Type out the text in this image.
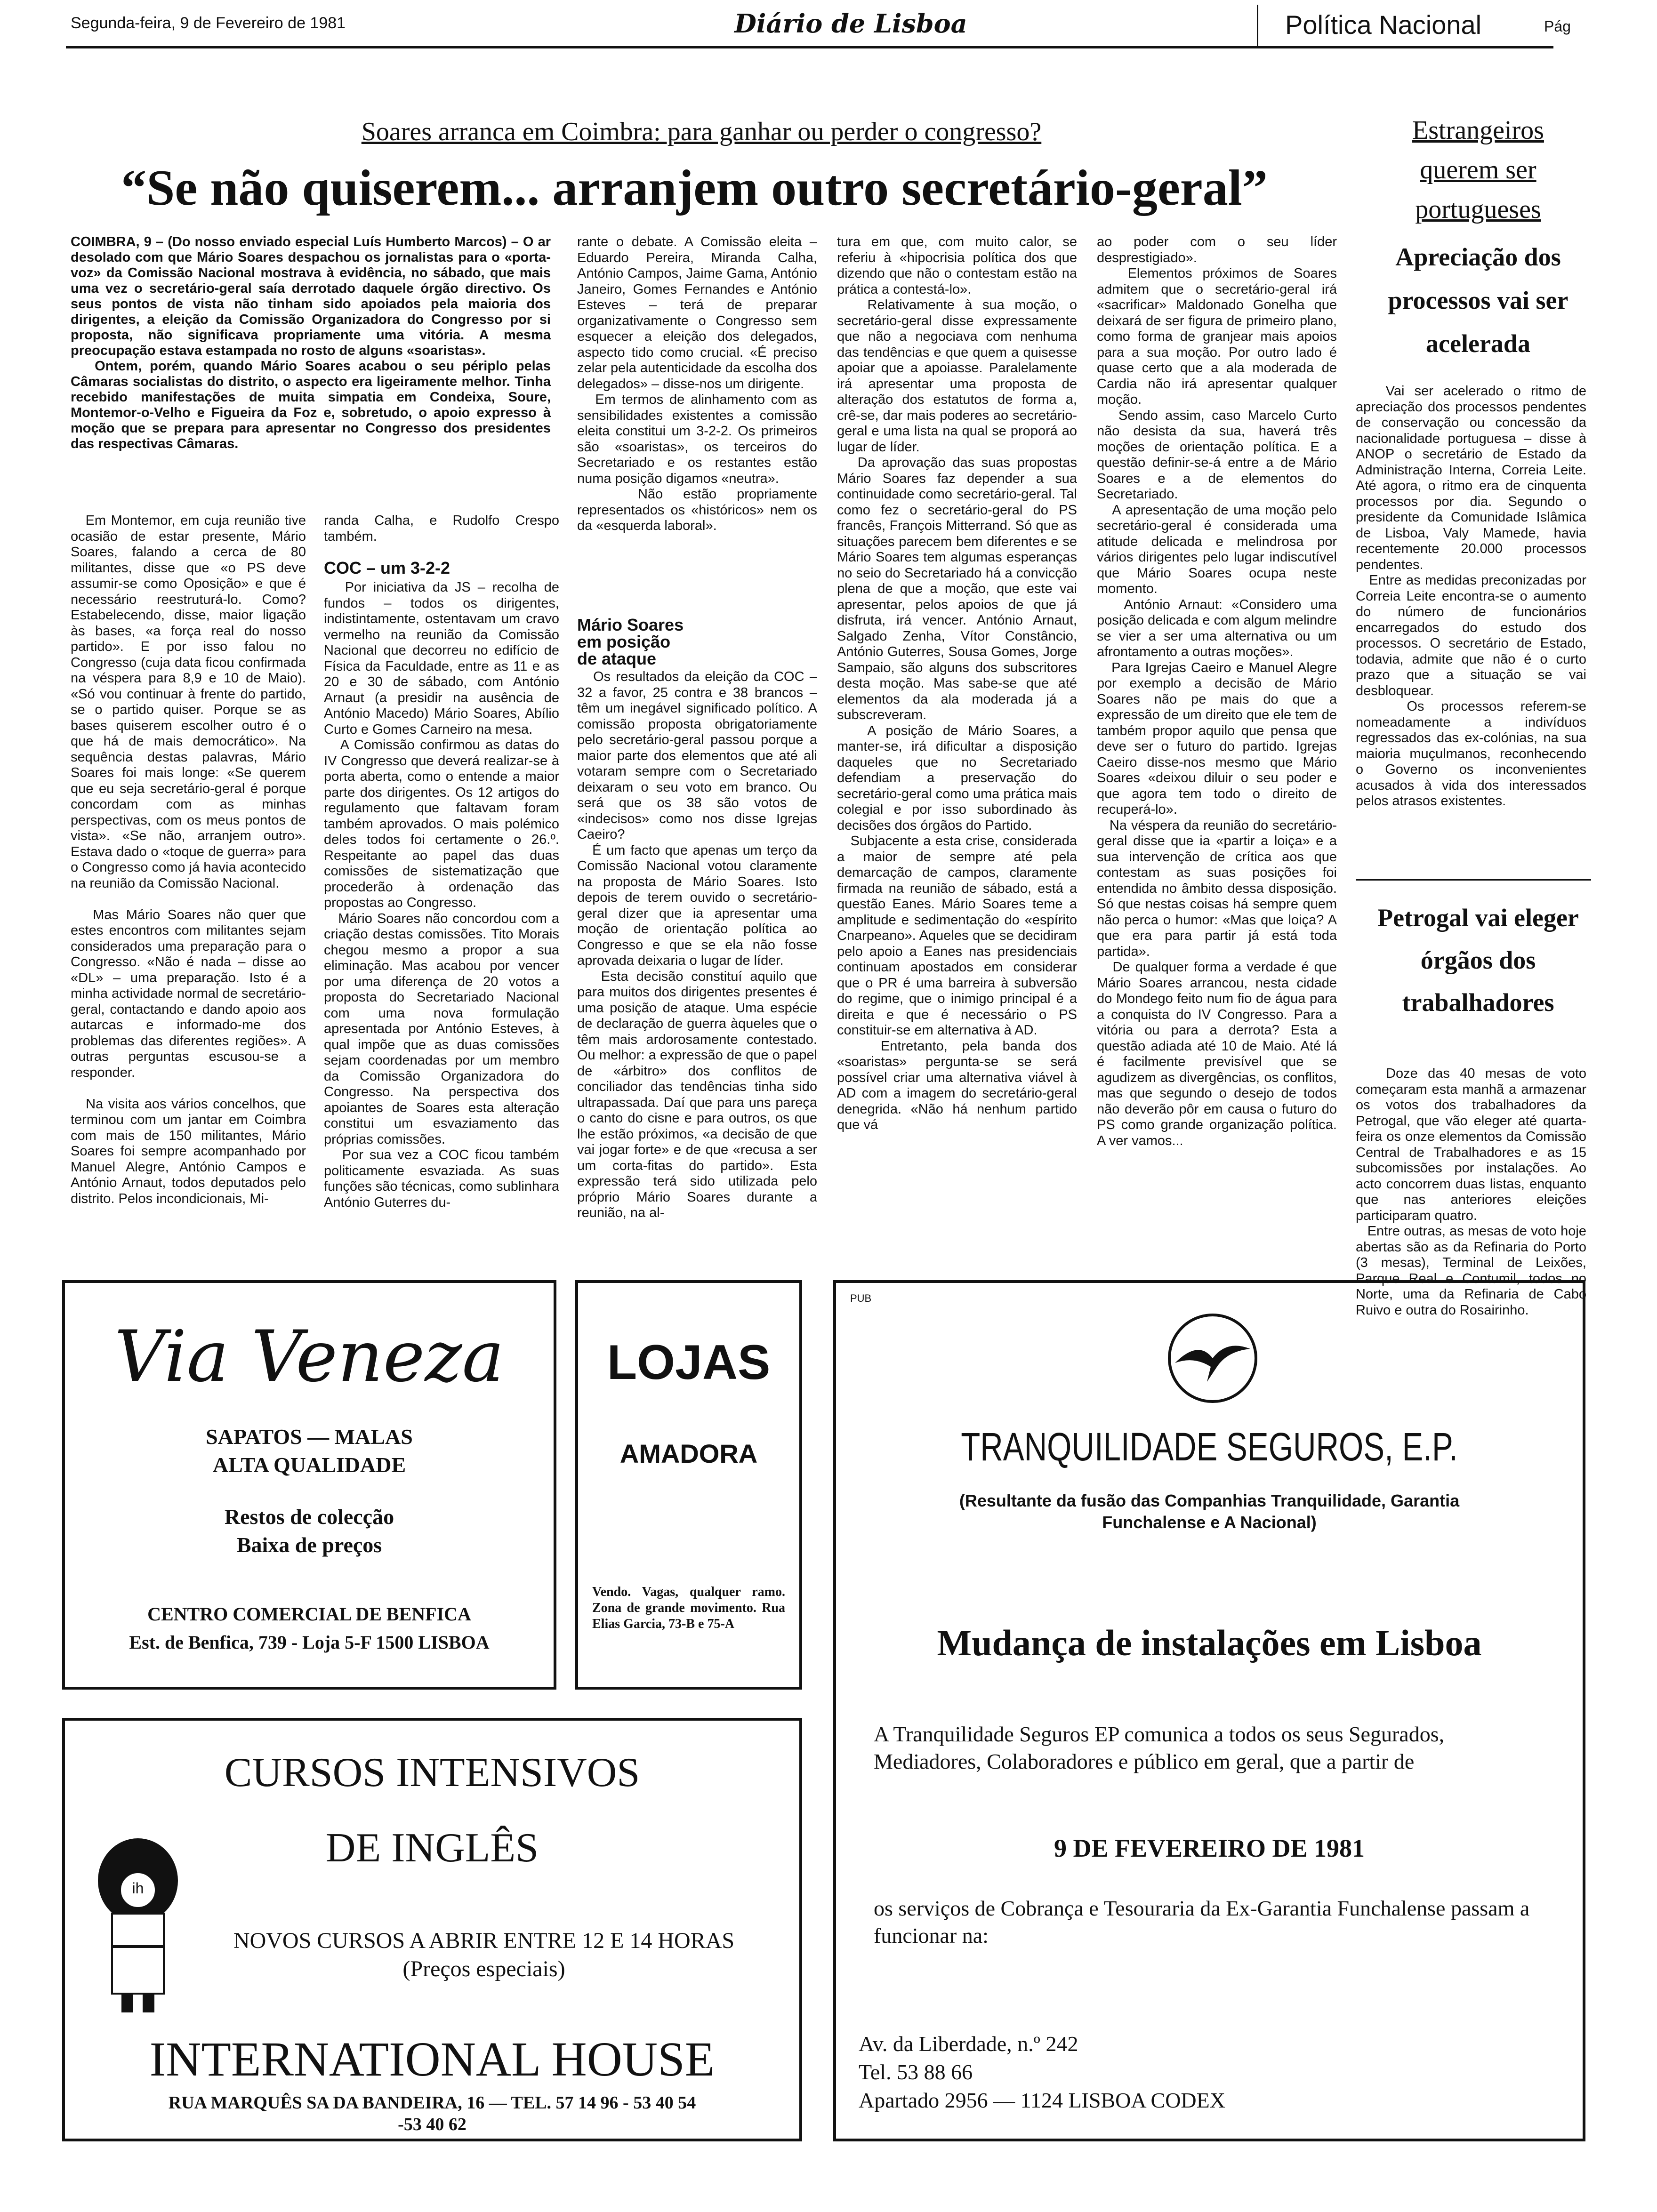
Segunda-feira, 9 de Fevereiro de 1981	Diário de Lisboa	Política Nacional	Pág
Soares arranca em Coimbra: para ganhar ou perder o congresso?
“Se não quiserem... arranjem outro secretário-geral”
COIMBRA, 9 – (Do nosso enviado especial Luís Humberto Marcos) – O ar desolado com que Mário Soares despachou os jornalistas para o «porta-voz» da Comissão Nacional mostrava à evidência, no sábado, que mais uma vez o secretário-geral saía derrotado daquele órgão directivo. Os seus pontos de vista não tinham sido apoiados pela maioria dos dirigentes, a eleição da Comissão Organizadora do Congresso por si proposta, não significava propriamente uma vitória. A mesma preocupação estava estampada no rosto de alguns «soaristas».
Ontem, porém, quando Mário Soares acabou o seu périplo pelas Câmaras socialistas do distrito, o aspecto era ligeiramente melhor. Tinha recebido manifestações de muita simpatia em Condeixa, Soure, Montemor-o-Velho e Figueira da Foz e, sobretudo, o apoio expresso à moção que se prepara para apresentar no Congresso dos presidentes das respectivas Câmaras.
Em Montemor, em cuja reunião tive ocasião de estar presente, Mário Soares, falando a cerca de 80 militantes, disse que «o PS deve assumir-se como Oposição» e que é necessário reestruturá-lo. Como? Estabelecendo, disse, maior ligação às bases, «a força real do nosso partido». E por isso falou no Congresso (cuja data ficou confirmada na véspera para 8,9 e 10 de Maio). «Só vou continuar à frente do partido, se o partido quiser. Porque se as bases quiserem escolher outro é o que há de mais democrático». Na sequência destas palavras, Mário Soares foi mais longe: «Se querem que eu seja secretário-geral é porque concordam com as minhas perspectivas, com os meus pontos de vista». «Se não, arranjem outro». Estava dado o «toque de guerra» para o Congresso como já havia acontecido na reunião da Comissão Nacional.

Mas Mário Soares não quer que estes encontros com militantes sejam considerados uma preparação para o Congresso. «Não é nada – disse ao «DL» – uma preparação. Isto é a minha actividade normal de secretário-geral, contactando e dando apoio aos autarcas e informado-me dos problemas das diferentes regiões». A outras perguntas escusou-se a responder.

Na visita aos vários concelhos, que terminou com um jantar em Coimbra com mais de 150 militantes, Mário Soares foi sempre acompanhado por Manuel Alegre, António Campos e António Arnaut, todos deputados pelo distrito. Pelos incondicionais, Mi-
randa Calha, e Rudolfo Crespo também.
COC – um 3-2-2
Por iniciativa da JS – recolha de fundos – todos os dirigentes, indistintamente, ostentavam um cravo vermelho na reunião da Comissão Nacional que decorreu no edifício de Física da Faculdade, entre as 11 e as 20 e 30 de sábado, com António Arnaut (a presidir na ausência de António Macedo) Mário Soares, Abílio Curto e Gomes Carneiro na mesa.
A Comissão confirmou as datas do IV Congresso que deverá realizar-se à porta aberta, como o entende a maior parte dos dirigentes. Os 12 artigos do regulamento que faltavam foram também aprovados. O mais polémico deles todos foi certamente o 26.º. Respeitante ao papel das duas comissões de sistematização que procederão à ordenação das propostas ao Congresso.
Mário Soares não concordou com a criação destas comissões. Tito Morais chegou mesmo a propor a sua eliminação. Mas acabou por vencer por uma diferença de 20 votos a proposta do Secretariado Nacional com uma nova formulação apresentada por António Esteves, à qual impõe que as duas comissões sejam coordenadas por um membro da Comissão Organizadora do Congresso. Na perspectiva dos apoiantes de Soares esta alteração constitui um esvaziamento das próprias comissões.
Por sua vez a COC ficou também politicamente esvaziada. As suas funções são técnicas, como sublinhara António Guterres du-
rante o debate. A Comissão eleita – Eduardo Pereira, Miranda Calha, António Campos, Jaime Gama, António Janeiro, Gomes Fernandes e António Esteves – terá de preparar organizativamente o Congresso sem esquecer a eleição dos delegados, aspecto tido como crucial. «É preciso zelar pela autenticidade da escolha dos delegados» – disse-nos um dirigente.
Em termos de alinhamento com as sensibilidades existentes a comissão eleita constitui um 3-2-2. Os primeiros são «soaristas», os terceiros do Secretariado e os restantes estão numa posição digamos «neutra».
Não estão propriamente representados os «históricos» nem os da «esquerda laboral».
Mário Soares
em posição
de ataque
Os resultados da eleição da COC – 32 a favor, 25 contra e 38 brancos – têm um inegável significado político. A comissão proposta obrigatoriamente pelo secretário-geral passou porque a maior parte dos elementos que até ali votaram sempre com o Secretariado deixaram o seu voto em branco. Ou será que os 38 são votos de «indecisos» como nos disse Igrejas Caeiro?
É um facto que apenas um terço da Comissão Nacional votou claramente na proposta de Mário Soares. Isto depois de terem ouvido o secretário-geral dizer que ia apresentar uma moção de orientação política ao Congresso e que se ela não fosse aprovada deixaria o lugar de líder.
Esta decisão constituí aquilo que para muitos dos dirigentes presentes é uma posição de ataque. Uma espécie de declaração de guerra àqueles que o têm mais ardorosamente contestado. Ou melhor: a expressão de que o papel de «árbitro» dos conflitos de conciliador das tendências tinha sido ultrapassada. Daí que para uns pareça o canto do cisne e para outros, os que lhe estão próximos, «a decisão de que vai jogar forte» e de que «recusa a ser um corta-fitas do partido». Esta expressão terá sido utilizada pelo próprio Mário Soares durante a reunião, na al-
tura em que, com muito calor, se referiu à «hipocrisia política dos que dizendo que não o contestam estão na prática a contestá-lo».
Relativamente à sua moção, o secretário-geral disse expressamente que não a negociava com nenhuma das tendências e que quem a quisesse apoiar que a apoiasse. Paralelamente irá apresentar uma proposta de alteração dos estatutos de forma a, crê-se, dar mais poderes ao secretário-geral e uma lista na qual se proporá ao lugar de líder.
Da aprovação das suas propostas Mário Soares faz depender a sua continuidade como secretário-geral. Tal como fez o secretário-geral do PS francês, François Mitterrand. Só que as situações parecem bem diferentes e se Mário Soares tem algumas esperanças no seio do Secretariado há a convicção plena de que a moção, que este vai apresentar, pelos apoios de que já disfruta, irá vencer. António Arnaut, Salgado Zenha, Vítor Constâncio, António Guterres, Sousa Gomes, Jorge Sampaio, são alguns dos subscritores desta moção. Mas sabe-se que até elementos da ala moderada já a subscreveram.
A posição de Mário Soares, a manter-se, irá dificultar a disposição daqueles que no Secretariado defendiam a preservação do secretário-geral como uma prática mais colegial e por isso subordinado às decisões dos órgãos do Partido.
Subjacente a esta crise, considerada a maior de sempre até pela demarcação de campos, claramente firmada na reunião de sábado, está a questão Eanes. Mário Soares teme a amplitude e sedimentação do «espírito Cnarpeano». Aqueles que se decidiram pelo apoio a Eanes nas presidenciais continuam apostados em considerar que o PR é uma barreira à subversão do regime, que o inimigo principal é a direita e que é necessário o PS constituir-se em alternativa à AD.
Entretanto, pela banda dos «soaristas» pergunta-se se será possível criar uma alternativa viável à AD com a imagem do secretário-geral denegrida. «Não há nenhum partido que vá
ao poder com o seu líder desprestigiado».
Elementos próximos de Soares admitem que o secretário-geral irá «sacrificar» Maldonado Gonelha que deixará de ser figura de primeiro plano, como forma de granjear mais apoios para a sua moção. Por outro lado é quase certo que a ala moderada de Cardia não irá apresentar qualquer moção.
Sendo assim, caso Marcelo Curto não desista da sua, haverá três moções de orientação política. E a questão definir-se-á entre a de Mário Soares e a de elementos do Secretariado.
A apresentação de uma moção pelo secretário-geral é considerada uma atitude delicada e melindrosa por vários dirigentes pelo lugar indiscutível que Mário Soares ocupa neste momento.
António Arnaut: «Considero uma posição delicada e com algum melindre se vier a ser uma alternativa ou um afrontamento a outras moções».
Para Igrejas Caeiro e Manuel Alegre por exemplo a decisão de Mário Soares não pe mais do que a expressão de um direito que ele tem de também propor aquilo que pensa que deve ser o futuro do partido. Igrejas Caeiro disse-nos mesmo que Mário Soares «deixou diluir o seu poder e que agora tem todo o direito de recuperá-lo».
Na véspera da reunião do secretário-geral disse que ia «partir a loiça» e a sua intervenção de crítica aos que contestam as suas posições foi entendida no âmbito dessa disposição. Só que nestas coisas há sempre quem não perca o humor: «Mas que loiça? A que era para partir já está toda partida».
De qualquer forma a verdade é que Mário Soares arrancou, nesta cidade do Mondego feito num fio de água para a conquista do IV Congresso. Para a vitória ou para a derrota? Esta a questão adiada até 10 de Maio. Até lá é facilmente previsível que se agudizem as divergências, os conflitos, mas que segundo o desejo de todos não deverão pôr em causa o futuro do PS como grande organização política. A ver vamos...
Estrangeiros querem ser portugueses
Apreciação dos processos vai ser acelerada
Vai ser acelerado o ritmo de apreciação dos processos pendentes de conservação ou concessão da nacionalidade portuguesa – disse à ANOP o secretário de Estado da Administração Interna, Correia Leite. Até agora, o ritmo era de cinquenta processos por dia. Segundo o presidente da Comunidade Islâmica de Lisboa, Valy Mamede, havia recentemente 20.000 processos pendentes.
Entre as medidas preconizadas por Correia Leite encontra-se o aumento do número de funcionários encarregados do estudo dos processos. O secretário de Estado, todavia, admite que não é o curto prazo que a situação se vai desbloquear.
Os processos referem-se nomeadamente a indivíduos regressados das ex-colónias, na sua maioria muçulmanos, reconhecendo o Governo os inconvenientes acusados à vida dos interessados pelos atrasos existentes.
Petrogal vai eleger órgãos dos trabalhadores
Doze das 40 mesas de voto começaram esta manhã a armazenar os votos dos trabalhadores da Petrogal, que vão eleger até quarta-feira os onze elementos da Comissão Central de Trabalhadores e as 15 subcomissões por instalações. Ao acto concorrem duas listas, enquanto que nas anteriores eleições participaram quatro.
Entre outras, as mesas de voto hoje abertas são as da Refinaria do Porto (3 mesas), Terminal de Leixões, Parque Real e Contumil, todos no Norte, uma da Refinaria de Cabo Ruivo e outra do Rosairinho.
Via Veneza
SAPATOS — MALAS
ALTA QUALIDADE
Restos de colecção
Baixa de preços
CENTRO COMERCIAL DE BENFICA
Est. de Benfica, 739 - Loja 5-F 1500 LISBOA
LOJAS
AMADORA
Vendo. Vagas, qualquer ramo. Zona de grande movimento. Rua Elias Garcia, 73-B e 75-A
CURSOS INTENSIVOS
DE INGLÊS
ih
NOVOS CURSOS A ABRIR ENTRE 12 E 14 HORAS
(Preços especiais)
INTERNATIONAL HOUSE
RUA MARQUÊS SA DA BANDEIRA, 16 — TEL. 57 14 96 - 53 40 54
-53 40 62
PUB
TRANQUILIDADE SEGUROS, E.P.
(Resultante da fusão das Companhias Tranquilidade, Garantia Funchalense e A Nacional)
Mudança de instalações em Lisboa
A Tranquilidade Seguros EP comunica a todos os seus Segurados, Mediadores, Colaboradores e público em geral, que a partir de
9 DE FEVEREIRO DE 1981
os serviços de Cobrança e Tesouraria da Ex-Garantia Funchalense passam a funcionar na:
Av. da Liberdade, n.º 242
Tel. 53 88 66
Apartado 2956 — 1124 LISBOA CODEX
